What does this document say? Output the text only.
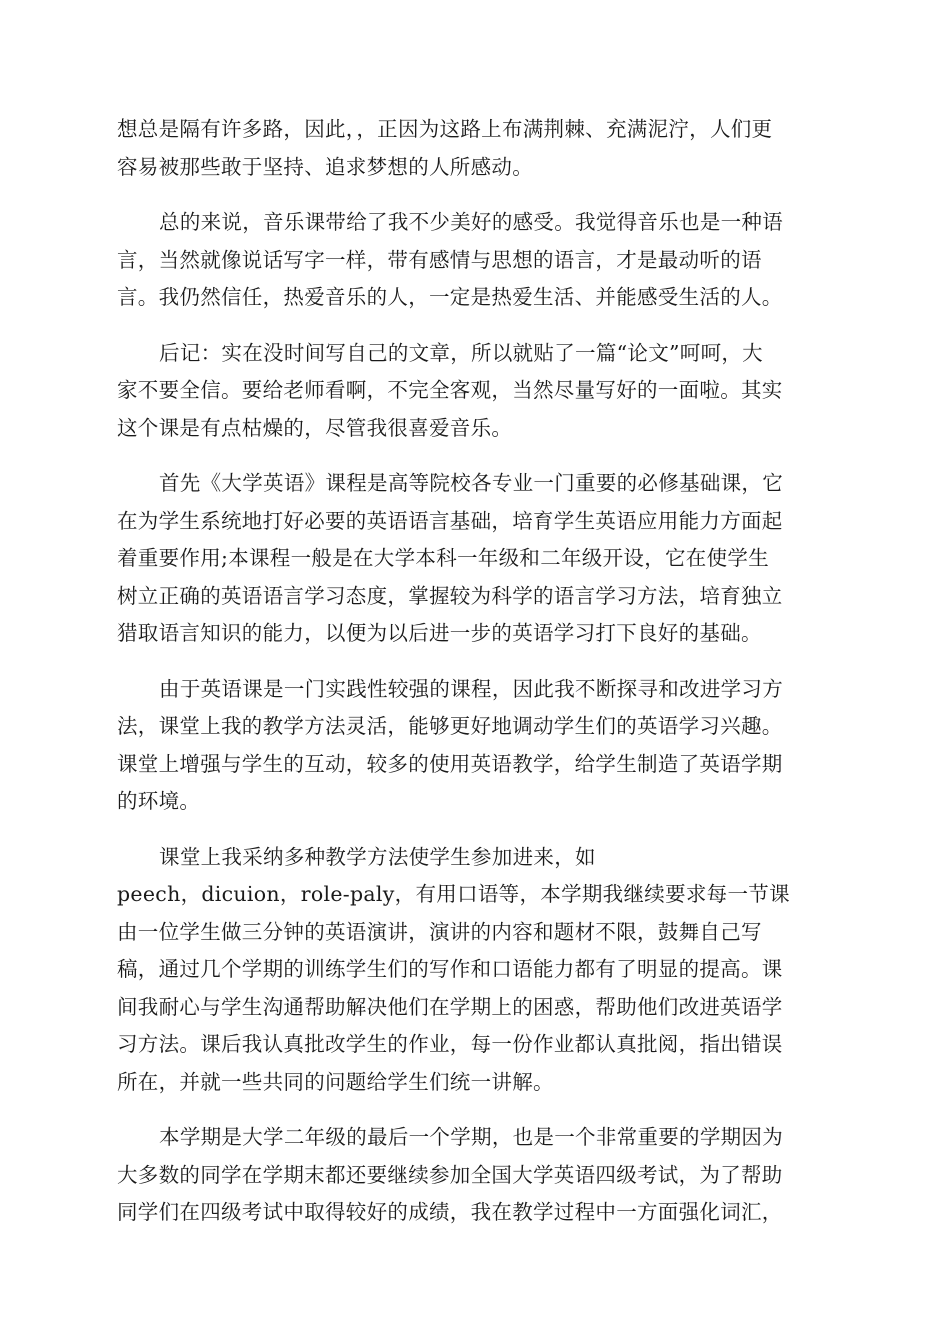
想总是隔有许多路，因此，，正因为这路上布满荆棘、充满泥泞，人们更
容易被那些敢于坚持、追求梦想的人所感动。

总的来说，音乐课带给了我不少美好的感受。我觉得音乐也是一种语
言，当然就像说话写字一样，带有感情与思想的语言，才是最动听的语
言。我仍然信任，热爱音乐的人，一定是热爱生活、并能感受生活的人。

后记：实在没时间写自己的文章，所以就贴了一篇“论文”呵呵，大
家不要全信。要给老师看啊，不完全客观，当然尽量写好的一面啦。其实
这个课是有点枯燥的，尽管我很喜爱音乐。

首先《大学英语》课程是高等院校各专业一门重要的必修基础课，它
在为学生系统地打好必要的英语语言基础，培育学生英语应用能力方面起
着重要作用;本课程一般是在大学本科一年级和二年级开设，它在使学生
树立正确的英语语言学习态度，掌握较为科学的语言学习方法，培育独立
猎取语言知识的能力，以便为以后进一步的英语学习打下良好的基础。

由于英语课是一门实践性较强的课程，因此我不断探寻和改进学习方
法，课堂上我的教学方法灵活，能够更好地调动学生们的英语学习兴趣。
课堂上增强与学生的互动，较多的使用英语教学，给学生制造了英语学期
的环境。

课堂上我采纳多种教学方法使学生参加进来，如
peech，dicuion，role-paly，有用口语等，本学期我继续要求每一节课
由一位学生做三分钟的英语演讲，演讲的内容和题材不限，鼓舞自己写
稿，通过几个学期的训练学生们的写作和口语能力都有了明显的提高。课
间我耐心与学生沟通帮助解决他们在学期上的困惑，帮助他们改进英语学
习方法。课后我认真批改学生的作业，每一份作业都认真批阅，指出错误
所在，并就一些共同的问题给学生们统一讲解。

本学期是大学二年级的最后一个学期，也是一个非常重要的学期因为
大多数的同学在学期末都还要继续参加全国大学英语四级考试，为了帮助
同学们在四级考试中取得较好的成绩，我在教学过程中一方面强化词汇，
